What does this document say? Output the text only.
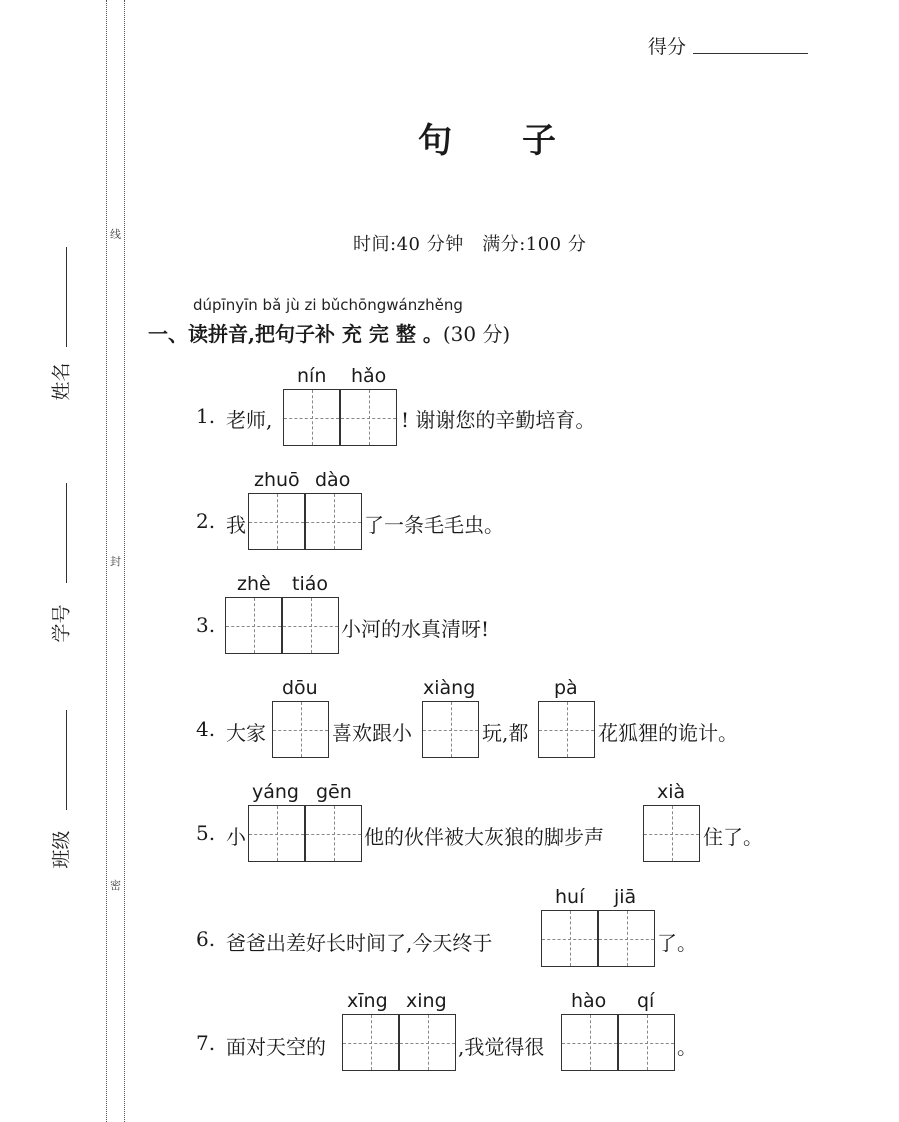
线
封
密
姓名
学号
班级
得分
句 子
时间:40 分钟　满分:100 分
dúpīnyīn bǎ jù zi bǔchōngwánzhěng
一、读拼音,把句子补 充 完 整 。(30 分)
1. 老师,
nín hǎo
! 谢谢您的辛勤培育。
2. 我
zhuō dào
了一条毛毛虫。
3.
zhè tiáo
小河的水真清呀!
4. 大家
dōu
喜欢跟小
xiàng
玩,都
pà
花狐狸的诡计。
5. 小
yáng gēn
他的伙伴被大灰狼的脚步声
xià
住了。
6. 爸爸出差好长时间了,今天终于
huí jiā
了。
7. 面对天空的
xīng xing
,我觉得很
hào qí
。
